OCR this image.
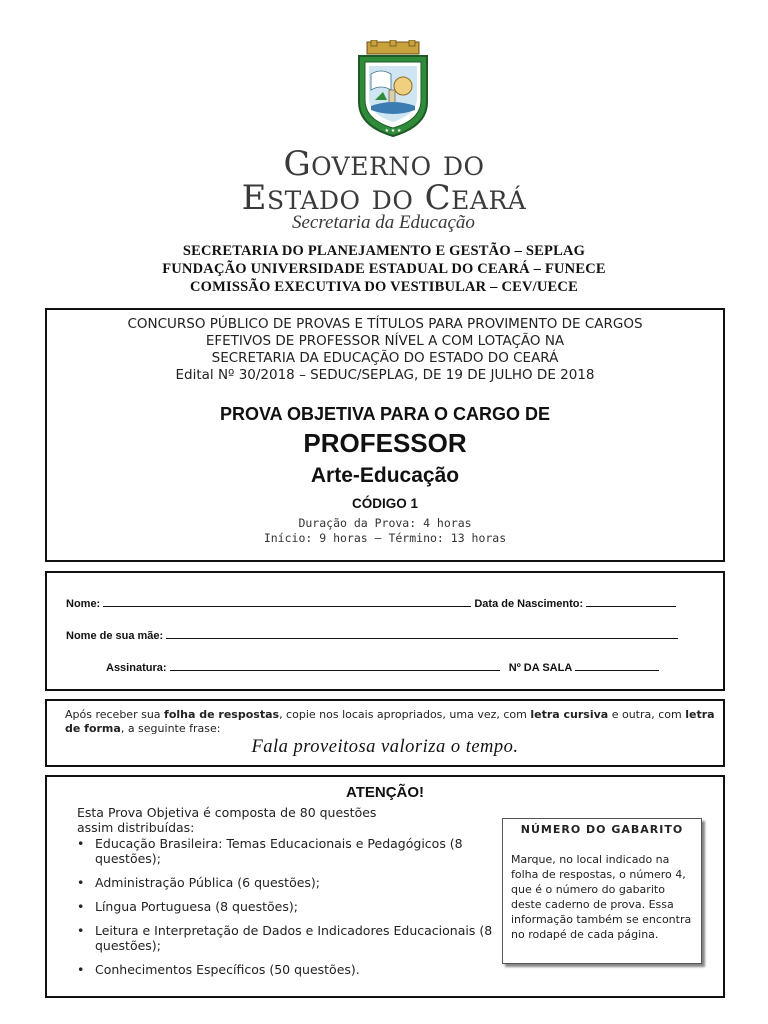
★ ★ ★
GOVERNO DO
ESTADO DO CEARÁ
Secretaria da Educação
SECRETARIA DO PLANEJAMENTO E GESTÃO – SEPLAG
FUNDAÇÃO UNIVERSIDADE ESTADUAL DO CEARÁ – FUNECE
COMISSÃO EXECUTIVA DO VESTIBULAR – CEV/UECE
CONCURSO PÚBLICO DE PROVAS E TÍTULOS PARA PROVIMENTO DE CARGOS
EFETIVOS DE PROFESSOR NÍVEL A COM LOTAÇÃO NA
SECRETARIA DA EDUCAÇÃO DO ESTADO DO CEARÁ
Edital Nº 30/2018 – SEDUC/SEPLAG, DE 19 DE JULHO DE 2018
PROVA OBJETIVA PARA O CARGO DE
PROFESSOR
Arte-Educação
CÓDIGO 1
Duração da Prova: 4 horas
Início: 9 horas – Término: 13 horas
Nome:	Data de Nascimento:
Nome de sua mãe:
Assinatura:	Nº DA SALA
Após receber sua folha de respostas, copie nos locais apropriados, uma vez, com letra cursiva e outra, com letra de forma, a seguinte frase:
Fala proveitosa valoriza o tempo.
ATENÇÃO!
Esta Prova Objetiva é composta de 80 questões
assim distribuídas:
• Educação Brasileira: Temas Educacionais e Pedagógicos (8 questões);
• Administração Pública (6 questões);
• Língua Portuguesa (8 questões);
• Leitura e Interpretação de Dados e Indicadores Educacionais (8 questões);
• Conhecimentos Específicos (50 questões).
NÚMERO DO GABARITO
Marque, no local indicado na folha de respostas, o número 4, que é o número do gabarito deste caderno de prova. Essa informação também se encontra no rodapé de cada página.
